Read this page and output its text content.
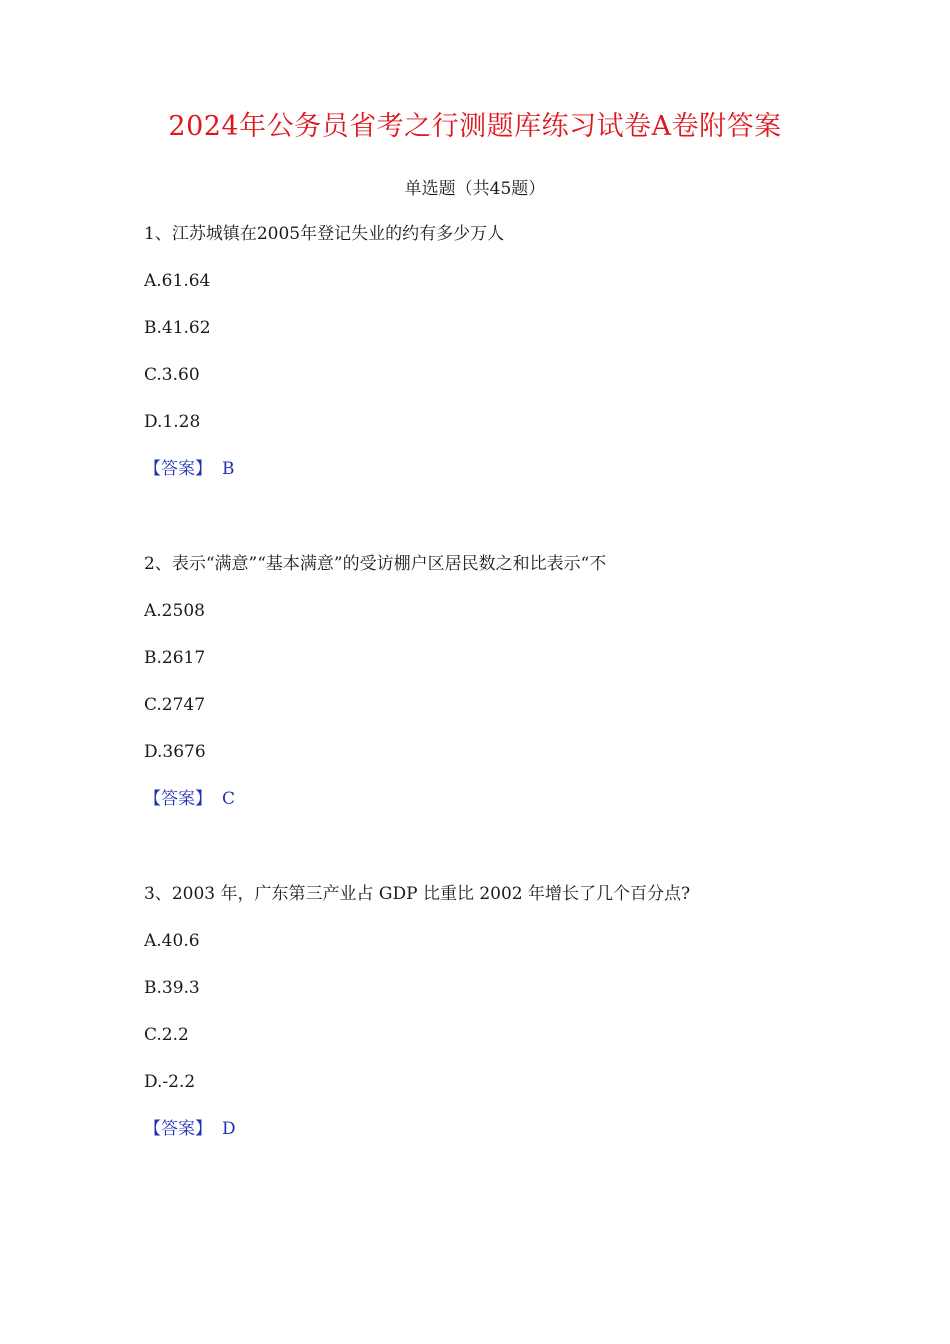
2024年公务员省考之行测题库练习试卷A卷附答案
单选题（共45题）
1、江苏城镇在2005年登记失业的约有多少万人
A.61.64
B.41.62
C.3.60
D.1.28
【答案】 B
2、表示“满意”“基本满意”的受访棚户区居民数之和比表示“不
A.2508
B.2617
C.2747
D.3676
【答案】 C
3、2003 年，广东第三产业占 GDP 比重比 2002 年增长了几个百分点?
A.40.6
B.39.3
C.2.2
D.-2.2
【答案】 D
